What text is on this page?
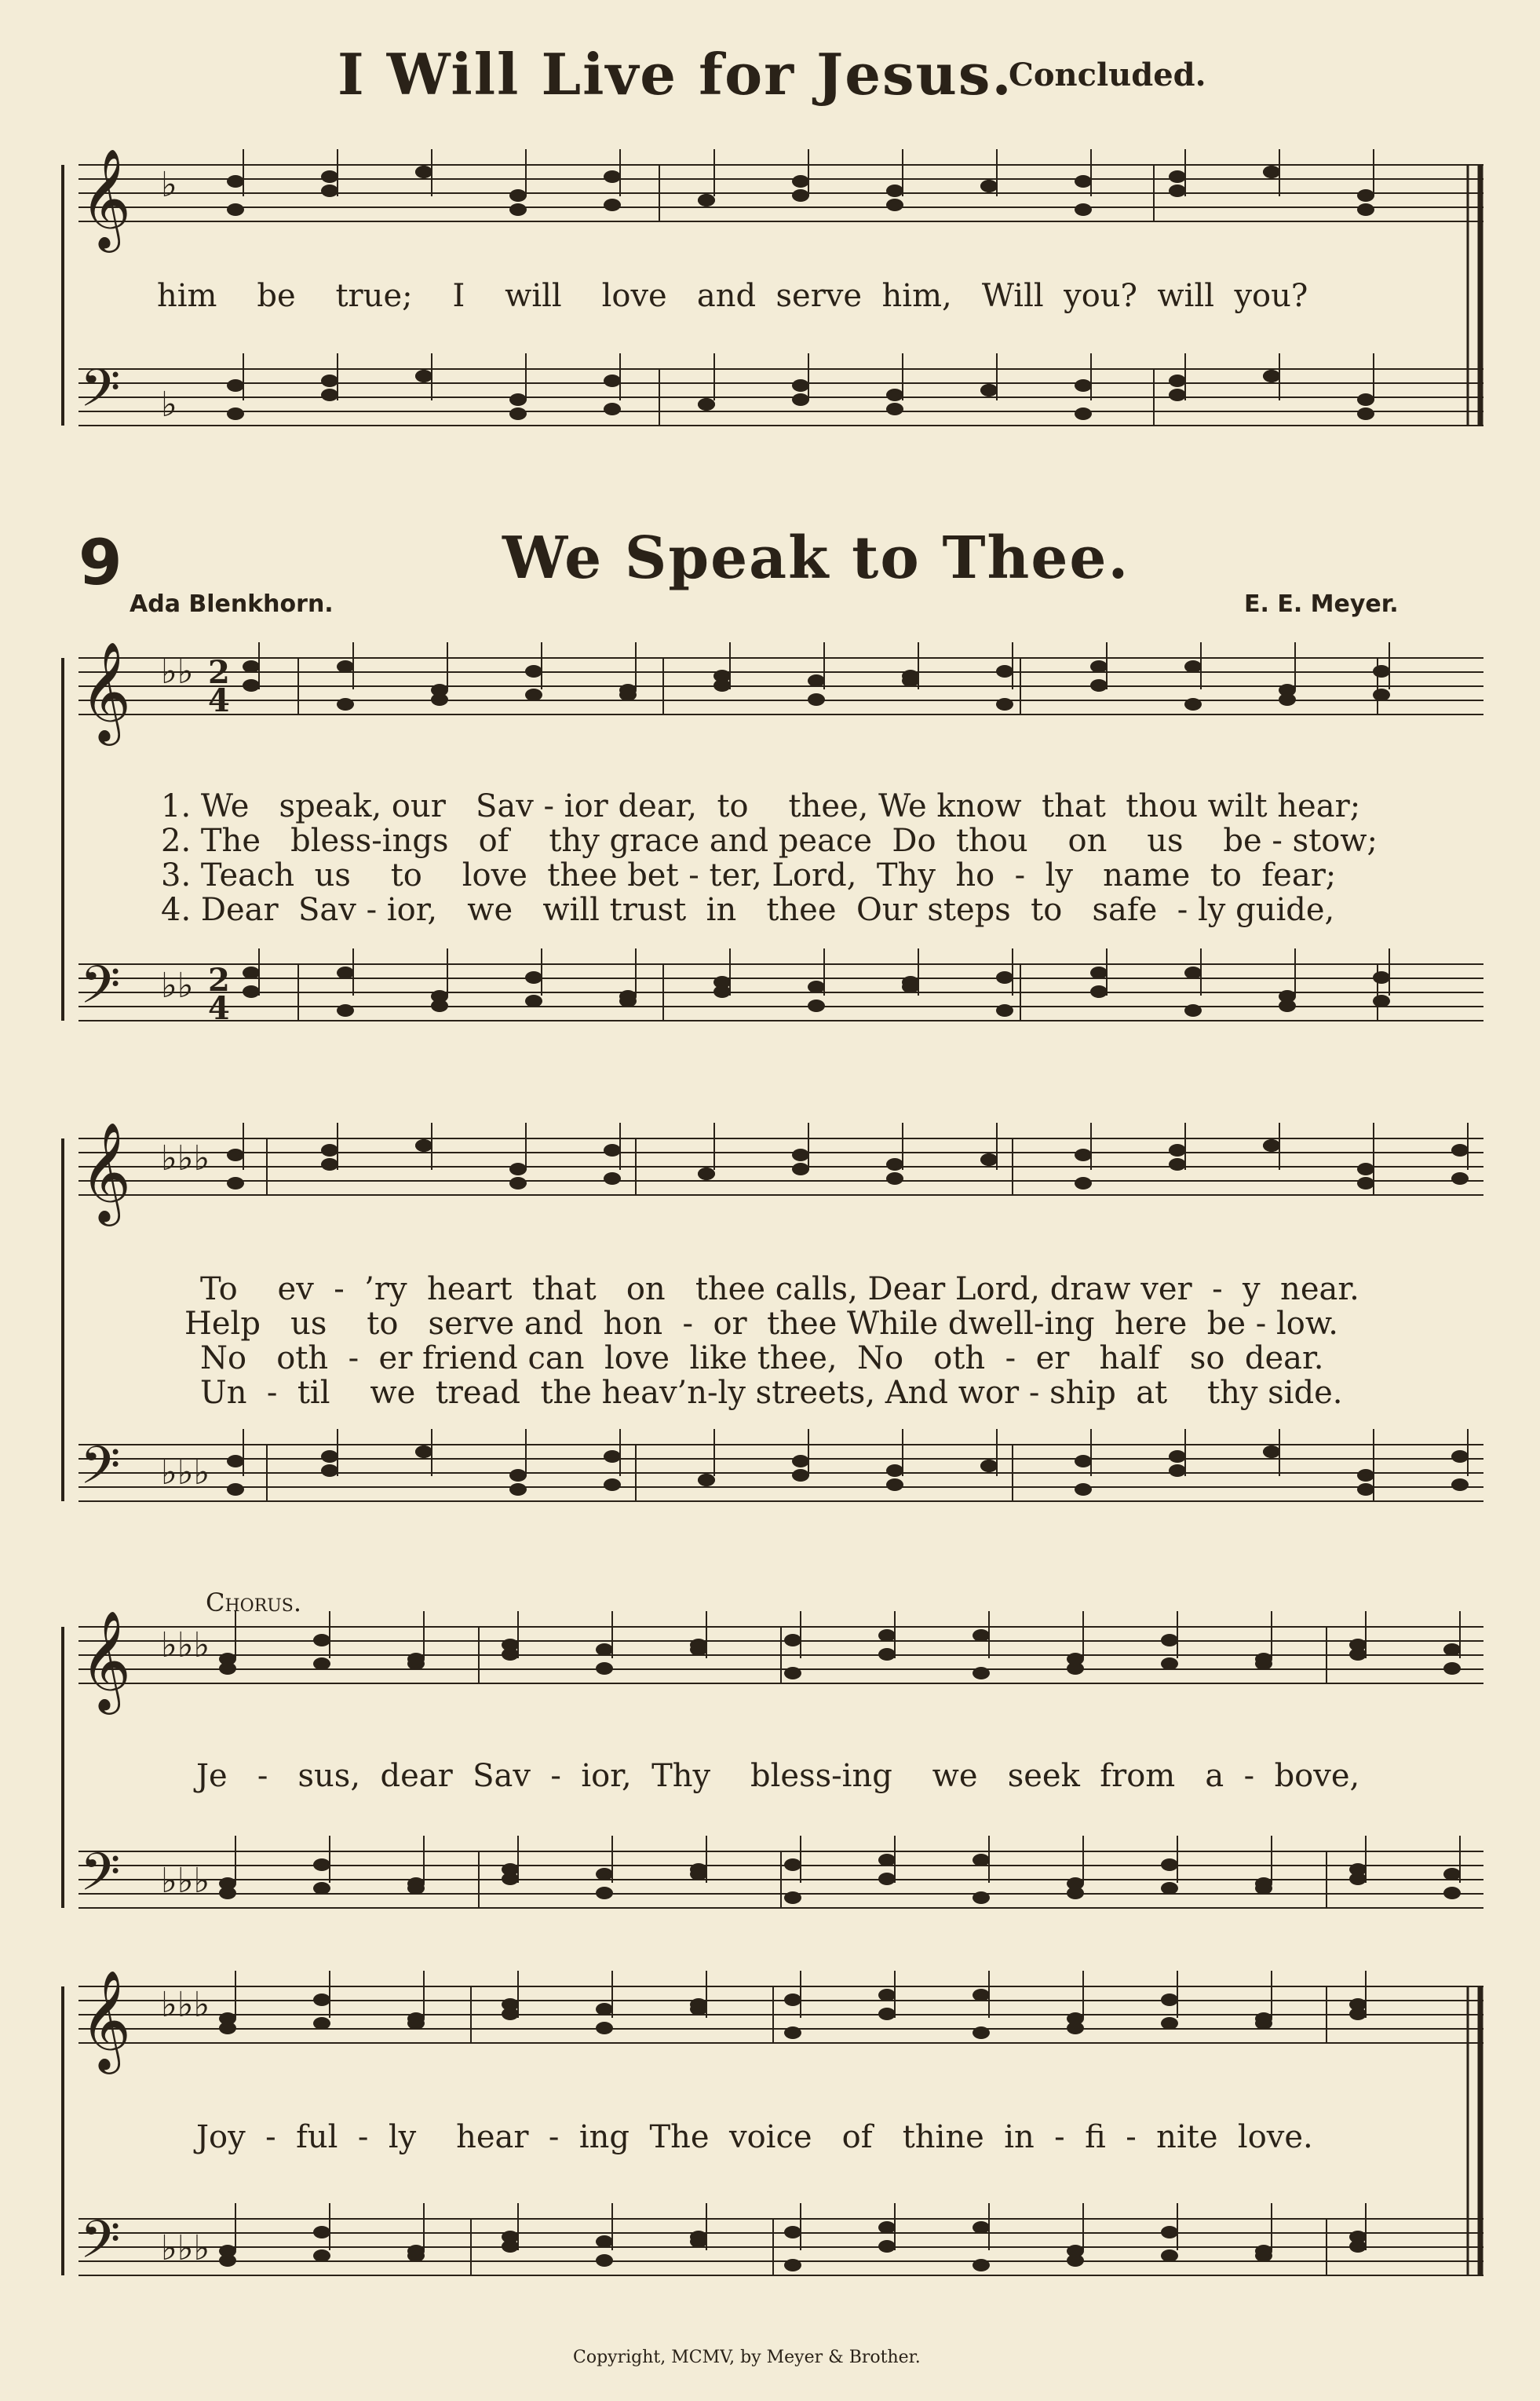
I Will Live for Jesus.
Concluded.
𝄞
𝄢
𝄞
𝄢
𝄞
𝄢
𝄞
𝄢
𝄞
𝄢
♭♭ 2
4
♭♭ 2
4
♭♭♭
♭♭♭
♭♭♭
♭♭♭
♭♭♭
♭♭♭
♭
♭
9	We Speak to Thee.
Ada Blenkhorn.	E. E. Meyer.
him    be    true;    I    will    love   and  serve  him,   Will  you?  will  you?
1. We   speak, our   Sav - ior dear,  to    thee, We know  that  thou wilt hear;
2. The   bless-ings   of    thy grace and peace  Do  thou    on    us    be - stow;
3. Teach  us    to    love  thee bet - ter, Lord,  Thy  ho  -  ly   name  to  fear;
4. Dear  Sav - ior,   we   will trust  in   thee  Our steps  to   safe  - ly guide,
To    ev  -  ’ry  heart  that   on   thee calls, Dear Lord, draw ver  -  y  near.
Help   us    to   serve and  hon  -  or  thee While dwell-ing  here  be - low.
No   oth  -  er friend can  love  like thee,  No   oth  -  er   half   so  dear.
Un  -  til    we  tread  the heav’n-ly streets, And wor - ship  at    thy side.
Chorus.
Je   -   sus,  dear  Sav  -  ior,  Thy    bless-ing    we   seek  from   a  -  bove,
Joy  -  ful  -  ly    hear  -  ing  The  voice   of   thine  in  -  fi  -  nite  love.
Copyright, MCMV, by Meyer & Brother.
